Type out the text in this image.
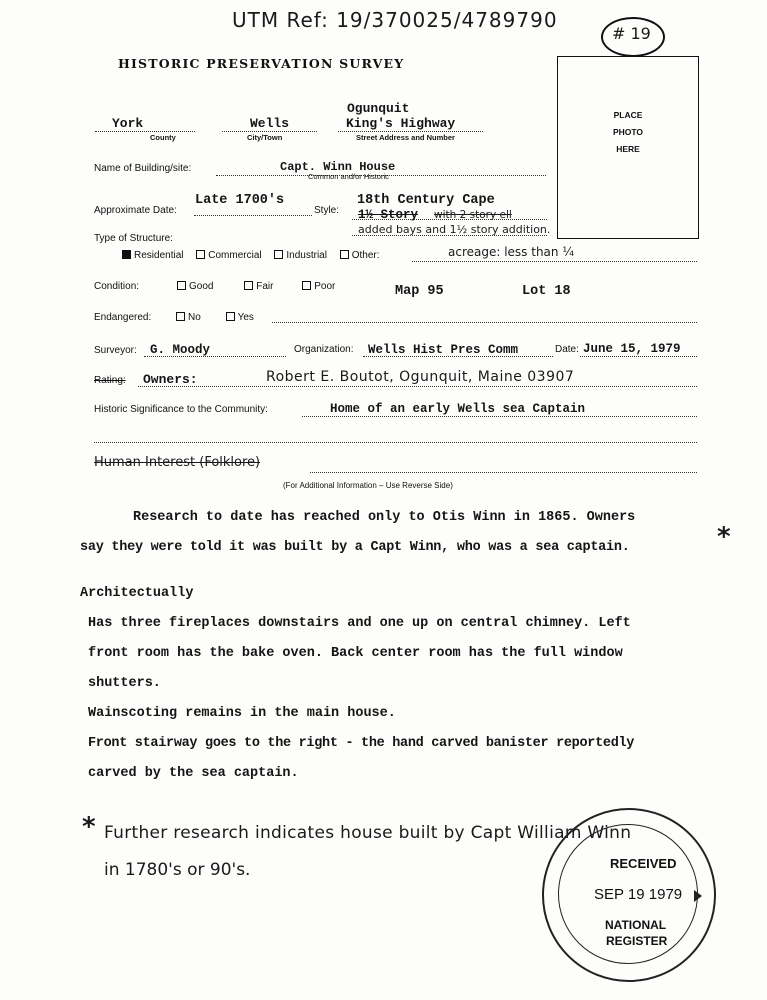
UTM Ref: 19/370025/4789790
# 19
HISTORIC PRESERVATION SURVEY
PLACE
PHOTO
HERE
Ogunquit
York	Wells	King's Highway
County	City/Town	Street Address and Number
Name of Building/site:	Capt. Winn House
Common and/or Historic
Approximate Date:
Late 1700's
Style:
18th Century Cape
1½ Story with 2 story ell
added bays and 1½ story addition.
Type of Structure:
Residential Commercial Industrial Other:	acreage: less than ¼
Condition:	Good	Fair	Poor	Map 95	Lot 18
Endangered:	No	Yes
Surveyor: G. Moody	Organization: Wells Hist Pres Comm	Date: June 15, 1979
Rating: Owners:	Robert E. Boutot, Ogunquit, Maine 03907
Historic Significance to the Community:	Home of an early Wells sea Captain
Human Interest (Folklore)
(For Additional Information – Use Reverse Side)
Research to date has reached only to Otis Winn in 1865. Owners
say they were told it was built by a Capt Winn, who was a sea captain.	*
Architectually
Has three fireplaces downstairs and one up on central chimney. Left
front room has the bake oven. Back center room has the full window
shutters.
Wainscoting remains in the main house.
Front stairway goes to the right - the hand carved banister reportedly
carved by the sea captain.
* Further research indicates house built by Capt William Winn
in 1780's or 90's.	RECEIVED
SEP 19 1979
NATIONAL
REGISTER
